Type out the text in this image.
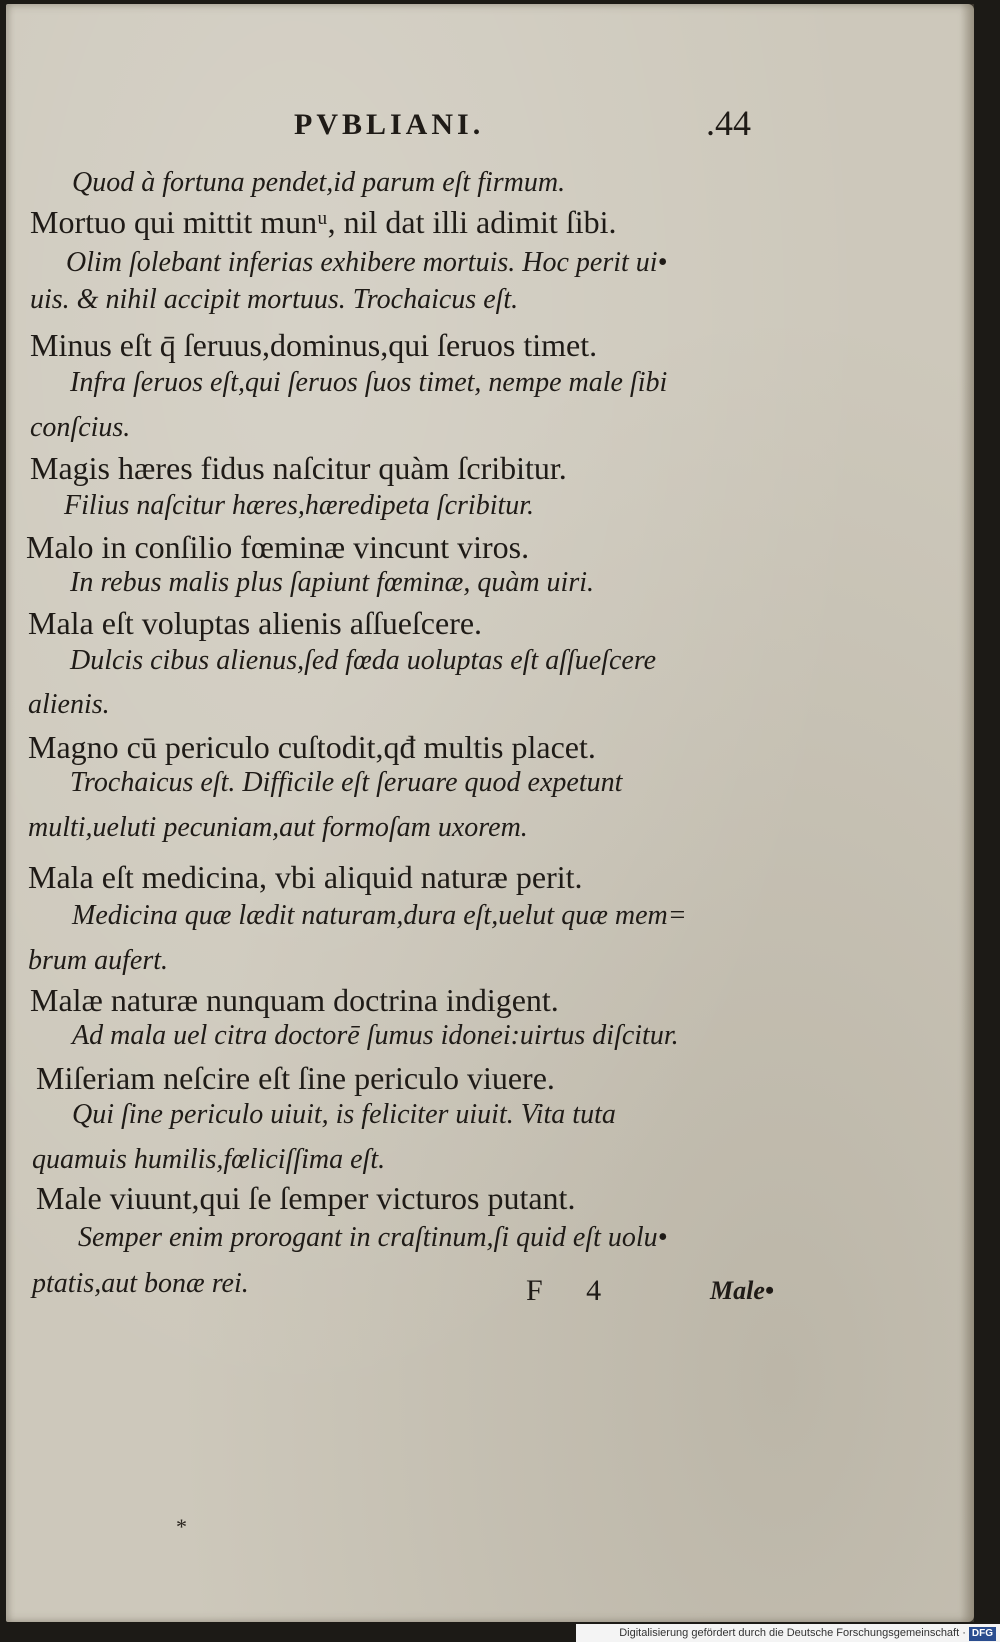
PVBLIANI.	.44
Quod à fortuna pendet,id parum eſt firmum.
Mortuo qui mittit munᵘ, nil dat illi adimit ſibi.
Olim ſolebant inferias exhibere mortuis. Hoc perit ui•
uis. & nihil accipit mortuus. Trochaicus eſt.
Minus eſt q̄ ſeruus,dominus,qui ſeruos timet.
Infra ſeruos eſt,qui ſeruos ſuos timet, nempe male ſibi
conſcius.
Magis hæres fidus naſcitur quàm ſcribitur.
Filius naſcitur hæres,hæredipeta ſcribitur.
Malo in conſilio fœminæ vincunt viros.
In rebus malis plus ſapiunt fœminæ, quàm uiri.
Mala eſt voluptas alienis aſſueſcere.
Dulcis cibus alienus,ſed fœda uoluptas eſt aſſueſcere
alienis.
Magno cū periculo cuſtodit,qđ multis placet.
Trochaicus eſt. Difficile eſt ſeruare quod expetunt
multi,ueluti pecuniam,aut formoſam uxorem.
Mala eſt medicina, vbi aliquid naturæ perit.
Medicina quæ lædit naturam,dura eſt,uelut quæ mem=
brum aufert.
Malæ naturæ nunquam doctrina indigent.
Ad mala uel citra doctorē ſumus idonei:uirtus diſcitur.
Miſeriam neſcire eſt ſine periculo viuere.
Qui ſine periculo uiuit, is feliciter uiuit. Vita tuta
quamuis humilis,fœliciſſima eſt.
Male viuunt,qui ſe ſemper victuros putant.
Semper enim prorogant in craſtinum,ſi quid eſt uolu•
ptatis,aut bonæ rei.	F 4	Male•
*
Digitalisierung gefördert durch die Deutsche Forschungsgemeinschaft · DFG
